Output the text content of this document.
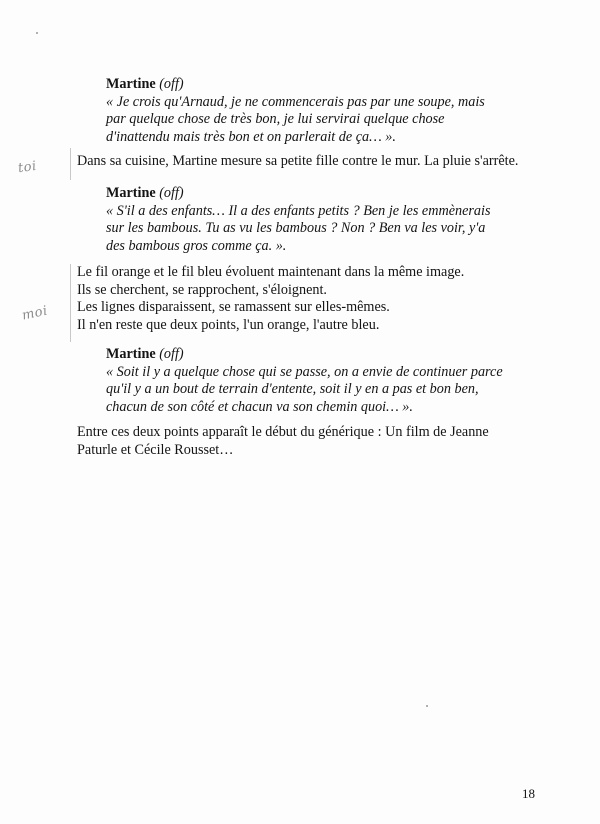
Martine (off)
« Je crois qu'Arnaud, je ne commencerais pas par une soupe, mais
par quelque chose de très bon, je lui servirai quelque chose
d'inattendu mais très bon et on parlerait de ça… ».
Dans sa cuisine, Martine mesure sa petite fille contre le mur. La pluie s'arrête.
Martine (off)
« S'il a des enfants… Il a des enfants petits ? Ben je les emmènerais
sur les bambous. Tu as vu les bambous ? Non ? Ben va les voir, y'a
des bambous gros comme ça. ».
Le fil orange et le fil bleu évoluent maintenant dans la même image.
Ils se cherchent, se rapprochent, s'éloignent.
Les lignes disparaissent, se ramassent sur elles-mêmes.
Il n'en reste que deux points, l'un orange, l'autre bleu.
Martine (off)
« Soit il y a quelque chose qui se passe, on a envie de continuer parce
qu'il y a un bout de terrain d'entente, soit il y en a pas et bon ben,
chacun de son côté et chacun va son chemin quoi… ».
Entre ces deux points apparaît le début du générique : Un film de Jeanne
Paturle et Cécile Rousset…
toi
moi
18
